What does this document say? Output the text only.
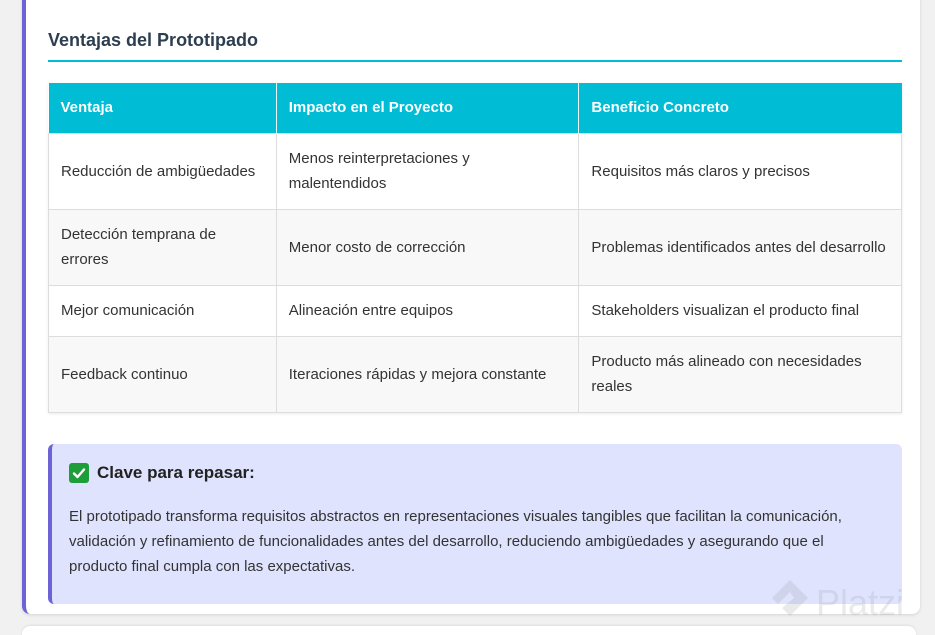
Ventajas del Prototipado
Ventaja	Impacto en el Proyecto	Beneficio Concreto
Reducción de ambigüedades	Menos reinterpretaciones y malentendidos	Requisitos más claros y precisos
Detección temprana de errores	Menor costo de corrección	Problemas identificados antes del desarrollo
Mejor comunicación	Alineación entre equipos	Stakeholders visualizan el producto final
Feedback continuo	Iteraciones rápidas y mejora constante	Producto más alineado con necesidades reales
Clave para repasar:

El prototipado transforma requisitos abstractos en representaciones visuales tangibles que facilitan la comunicación, validación y refinamiento de funcionalidades antes del desarrollo, reduciendo ambigüedades y asegurando que el producto final cumpla con las expectativas.

Platzi
